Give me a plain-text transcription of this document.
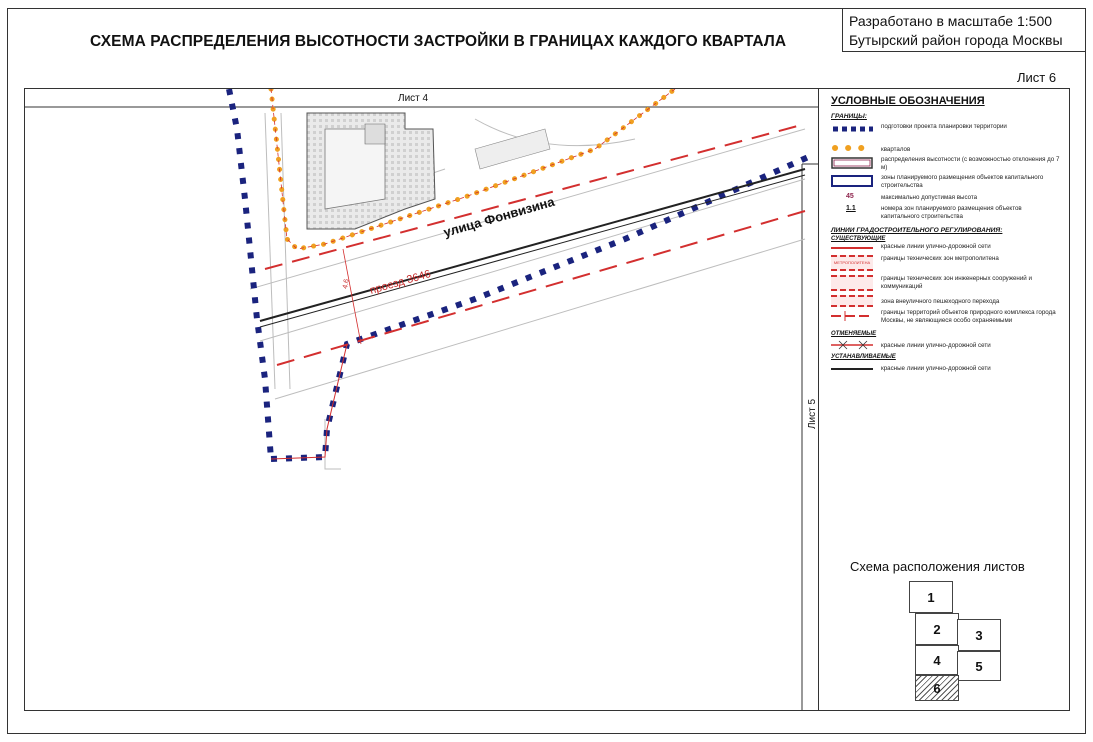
СХЕМА РАСПРЕДЕЛЕНИЯ ВЫСОТНОСТИ ЗАСТРОЙКИ В ГРАНИЦАХ КАЖДОГО КВАРТАЛА
Разработано в масштабе 1:500
Бутырский район города Москвы
Лист 6
улица Фонвизина
проезд 3646
4.6
Лист 4
Лист 5
УСЛОВНЫЕ ОБОЗНАЧЕНИЯ
ГРАНИЦЫ:
подготовки проекта планировки территории
кварталов
распределения высотности (с возможностью отклонения до 7 м)
зоны планируемого размещения объектов капитального строительства
45	максимально допустимая высота
1.1	номера зон планируемого размещения объектов капитального строительства
ЛИНИИ ГРАДОСТРОИТЕЛЬНОГО РЕГУЛИРОВАНИЯ:
СУЩЕСТВУЮЩИЕ
красные линии улично-дорожной сети
МЕТРОПОЛИТЕНА
границы технических зон метрополитена
границы технических зон инженерных сооружений и коммуникаций
зона внеуличного пешеходного перехода
границы территорий объектов природного комплекса города Москвы, не являющиеся особо охраняемыми
ОТМЕНЯЕМЫЕ
красные линии улично-дорожной сети
УСТАНАВЛИВАЕМЫЕ
красные линии улично-дорожной сети
Схема расположения листов
1
2	3
4	5
6
